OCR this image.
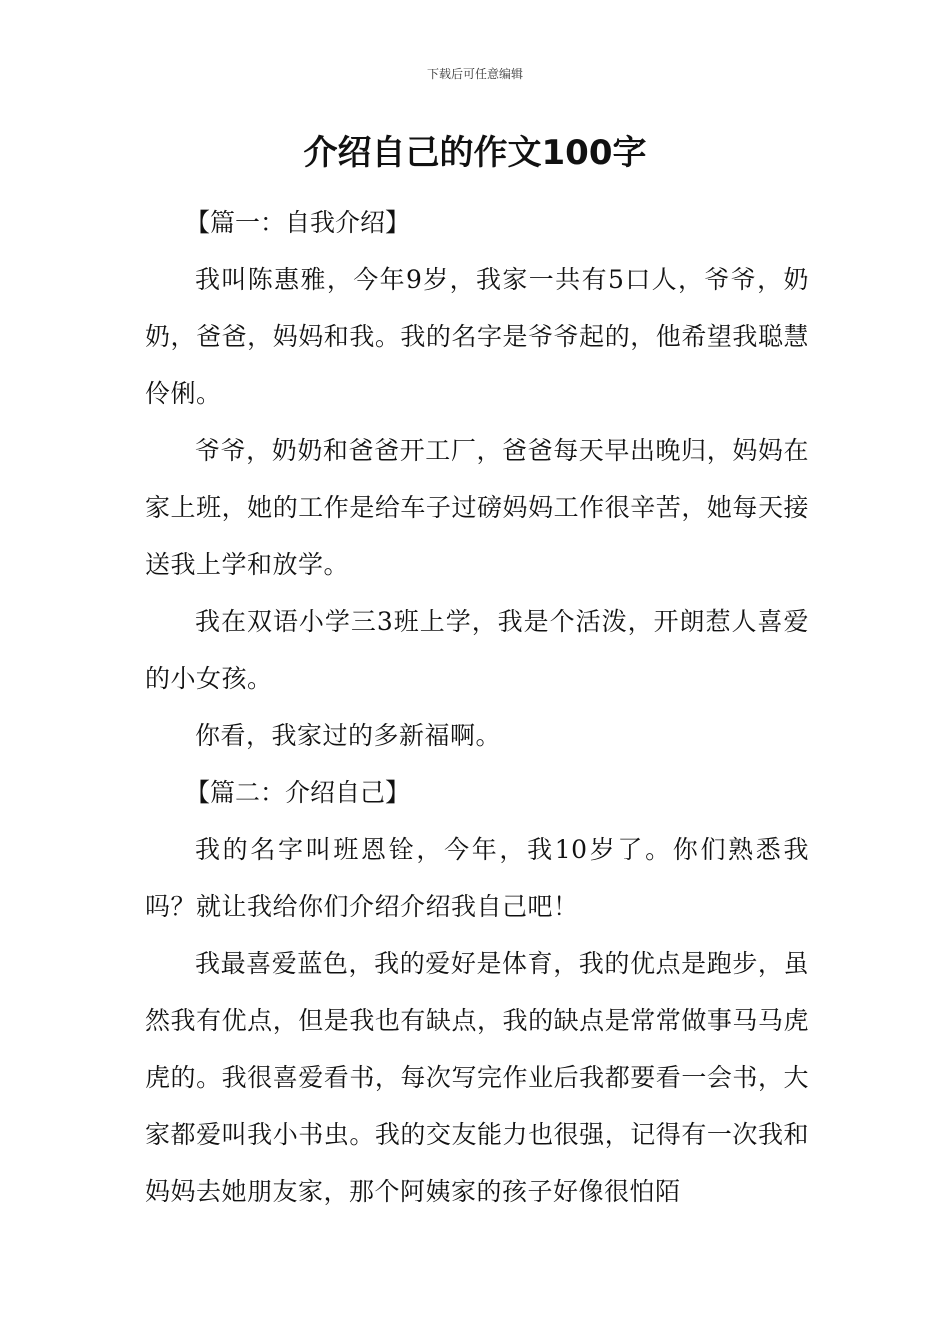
下载后可任意编辑
介绍自己的作文100字
【篇一：自我介绍】

我叫陈惠雅，今年9岁，我家一共有5口人，爷爷，奶奶，爸爸，妈妈和我。我的名字是爷爷起的，他希望我聪慧伶俐。

爷爷，奶奶和爸爸开工厂，爸爸每天早出晚归，妈妈在家上班，她的工作是给车子过磅妈妈工作很辛苦，她每天接送我上学和放学。

我在双语小学三3班上学，我是个活泼，开朗惹人喜爱的小女孩。

你看，我家过的多新福啊。

【篇二：介绍自己】

我的名字叫班恩铨，今年，我10岁了。你们熟悉我吗？就让我给你们介绍介绍我自己吧！

我最喜爱蓝色，我的爱好是体育，我的优点是跑步，虽然我有优点，但是我也有缺点，我的缺点是常常做事马马虎虎的。我很喜爱看书，每次写完作业后我都要看一会书，大家都爱叫我小书虫。我的交友能力也很强，记得有一次我和妈妈去她朋友家，那个阿姨家的孩子好像很怕陌
